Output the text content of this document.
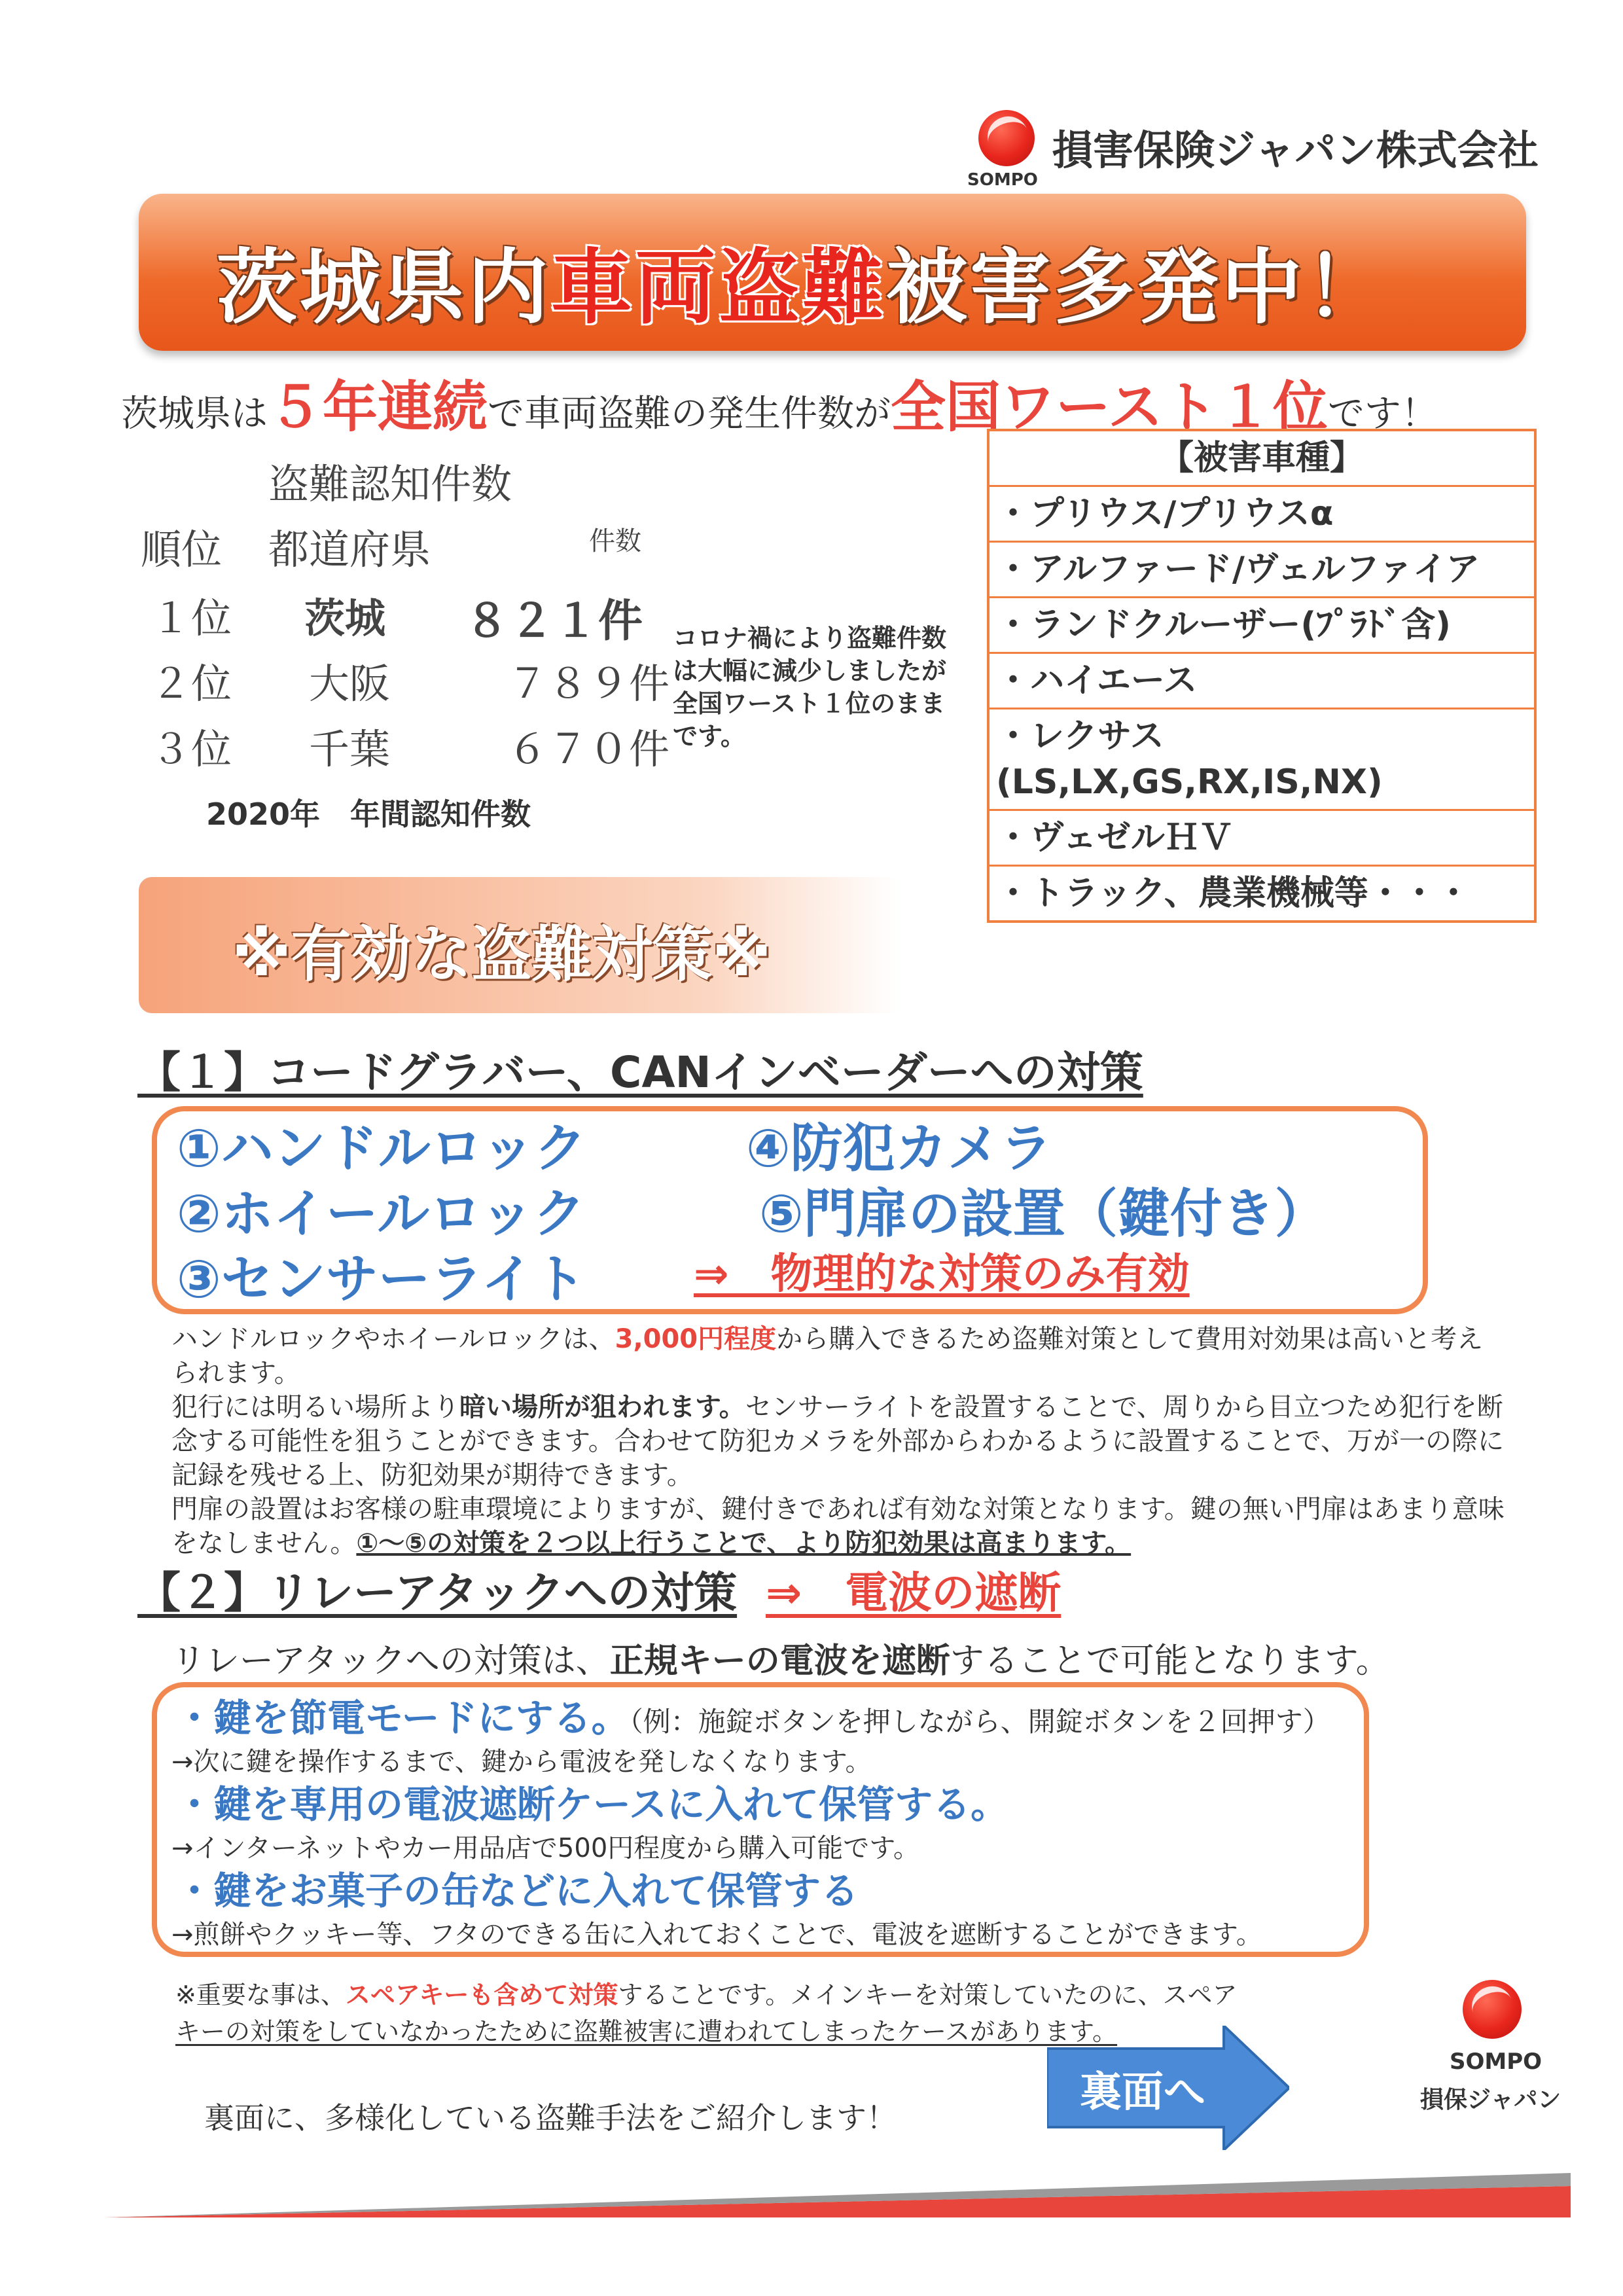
SOMPO
損害保険ジャパン株式会社
茨城県内車両盗難被害多発中！
茨城県は５年連続で車両盗難の発生件数が全国ワースト１位です！
盗難認知件数
順位 都道府県	件数
１位 茨城 ８２１件
２位 大阪	７８９件
３位 千葉	６７０件
2020年　年間認知件数
コロナ禍により盗難件数
は大幅に減少しましたが
全国ワースト１位のまま
です。
【被害車種】
・プリウス/プリウスα
・アルファード/ヴェルファイア
・ランドクルーザー(ﾌﾟﾗﾄﾞ含)
・ハイエース
・レクサス
(LS,LX,GS,RX,IS,NX)
・ヴェゼルＨＶ
・トラック、農業機械等・・・
※有効な盗難対策※
【１】コードグラバー、CANインベーダーへの対策
①ハンドルロック
②ホイールロック
③センサーライト
④防犯カメラ
⑤門扉の設置（鍵付き）
⇒　物理的な対策のみ有効
ハンドルロックやホイールロックは、3,000円程度から購入できるため盗難対策として費用対効果は高いと考えられます。
犯行には明るい場所より暗い場所が狙われます。センサーライトを設置することで、周りから目立つため犯行を断念する可能性を狙うことができます。合わせて防犯カメラを外部からわかるように設置することで、万が一の際に記録を残せる上、防犯効果が期待できます。
門扉の設置はお客様の駐車環境によりますが、鍵付きであれば有効な対策となります。鍵の無い門扉はあまり意味をなしません。①～⑤の対策を２つ以上行うことで、より防犯効果は高まります。
【２】リレーアタックへの対策 ⇒　電波の遮断
リレーアタックへの対策は、正規キーの電波を遮断することで可能となります。
・鍵を節電モードにする。（例：施錠ボタンを押しながら、開錠ボタンを２回押す）
→次に鍵を操作するまで、鍵から電波を発しなくなります。
・鍵を専用の電波遮断ケースに入れて保管する。
→インターネットやカー用品店で500円程度から購入可能です。
・鍵をお菓子の缶などに入れて保管する
→煎餅やクッキー等、フタのできる缶に入れておくことで、電波を遮断することができます。
※重要な事は、スペアキーも含めて対策することです。メインキーを対策していたのに、スペア
キーの対策をしていなかったために盗難被害に遭われてしまったケースがあります。
裏面に、多様化している盗難手法をご紹介します！
裏面へ
SOMPO
損保ジャパン
